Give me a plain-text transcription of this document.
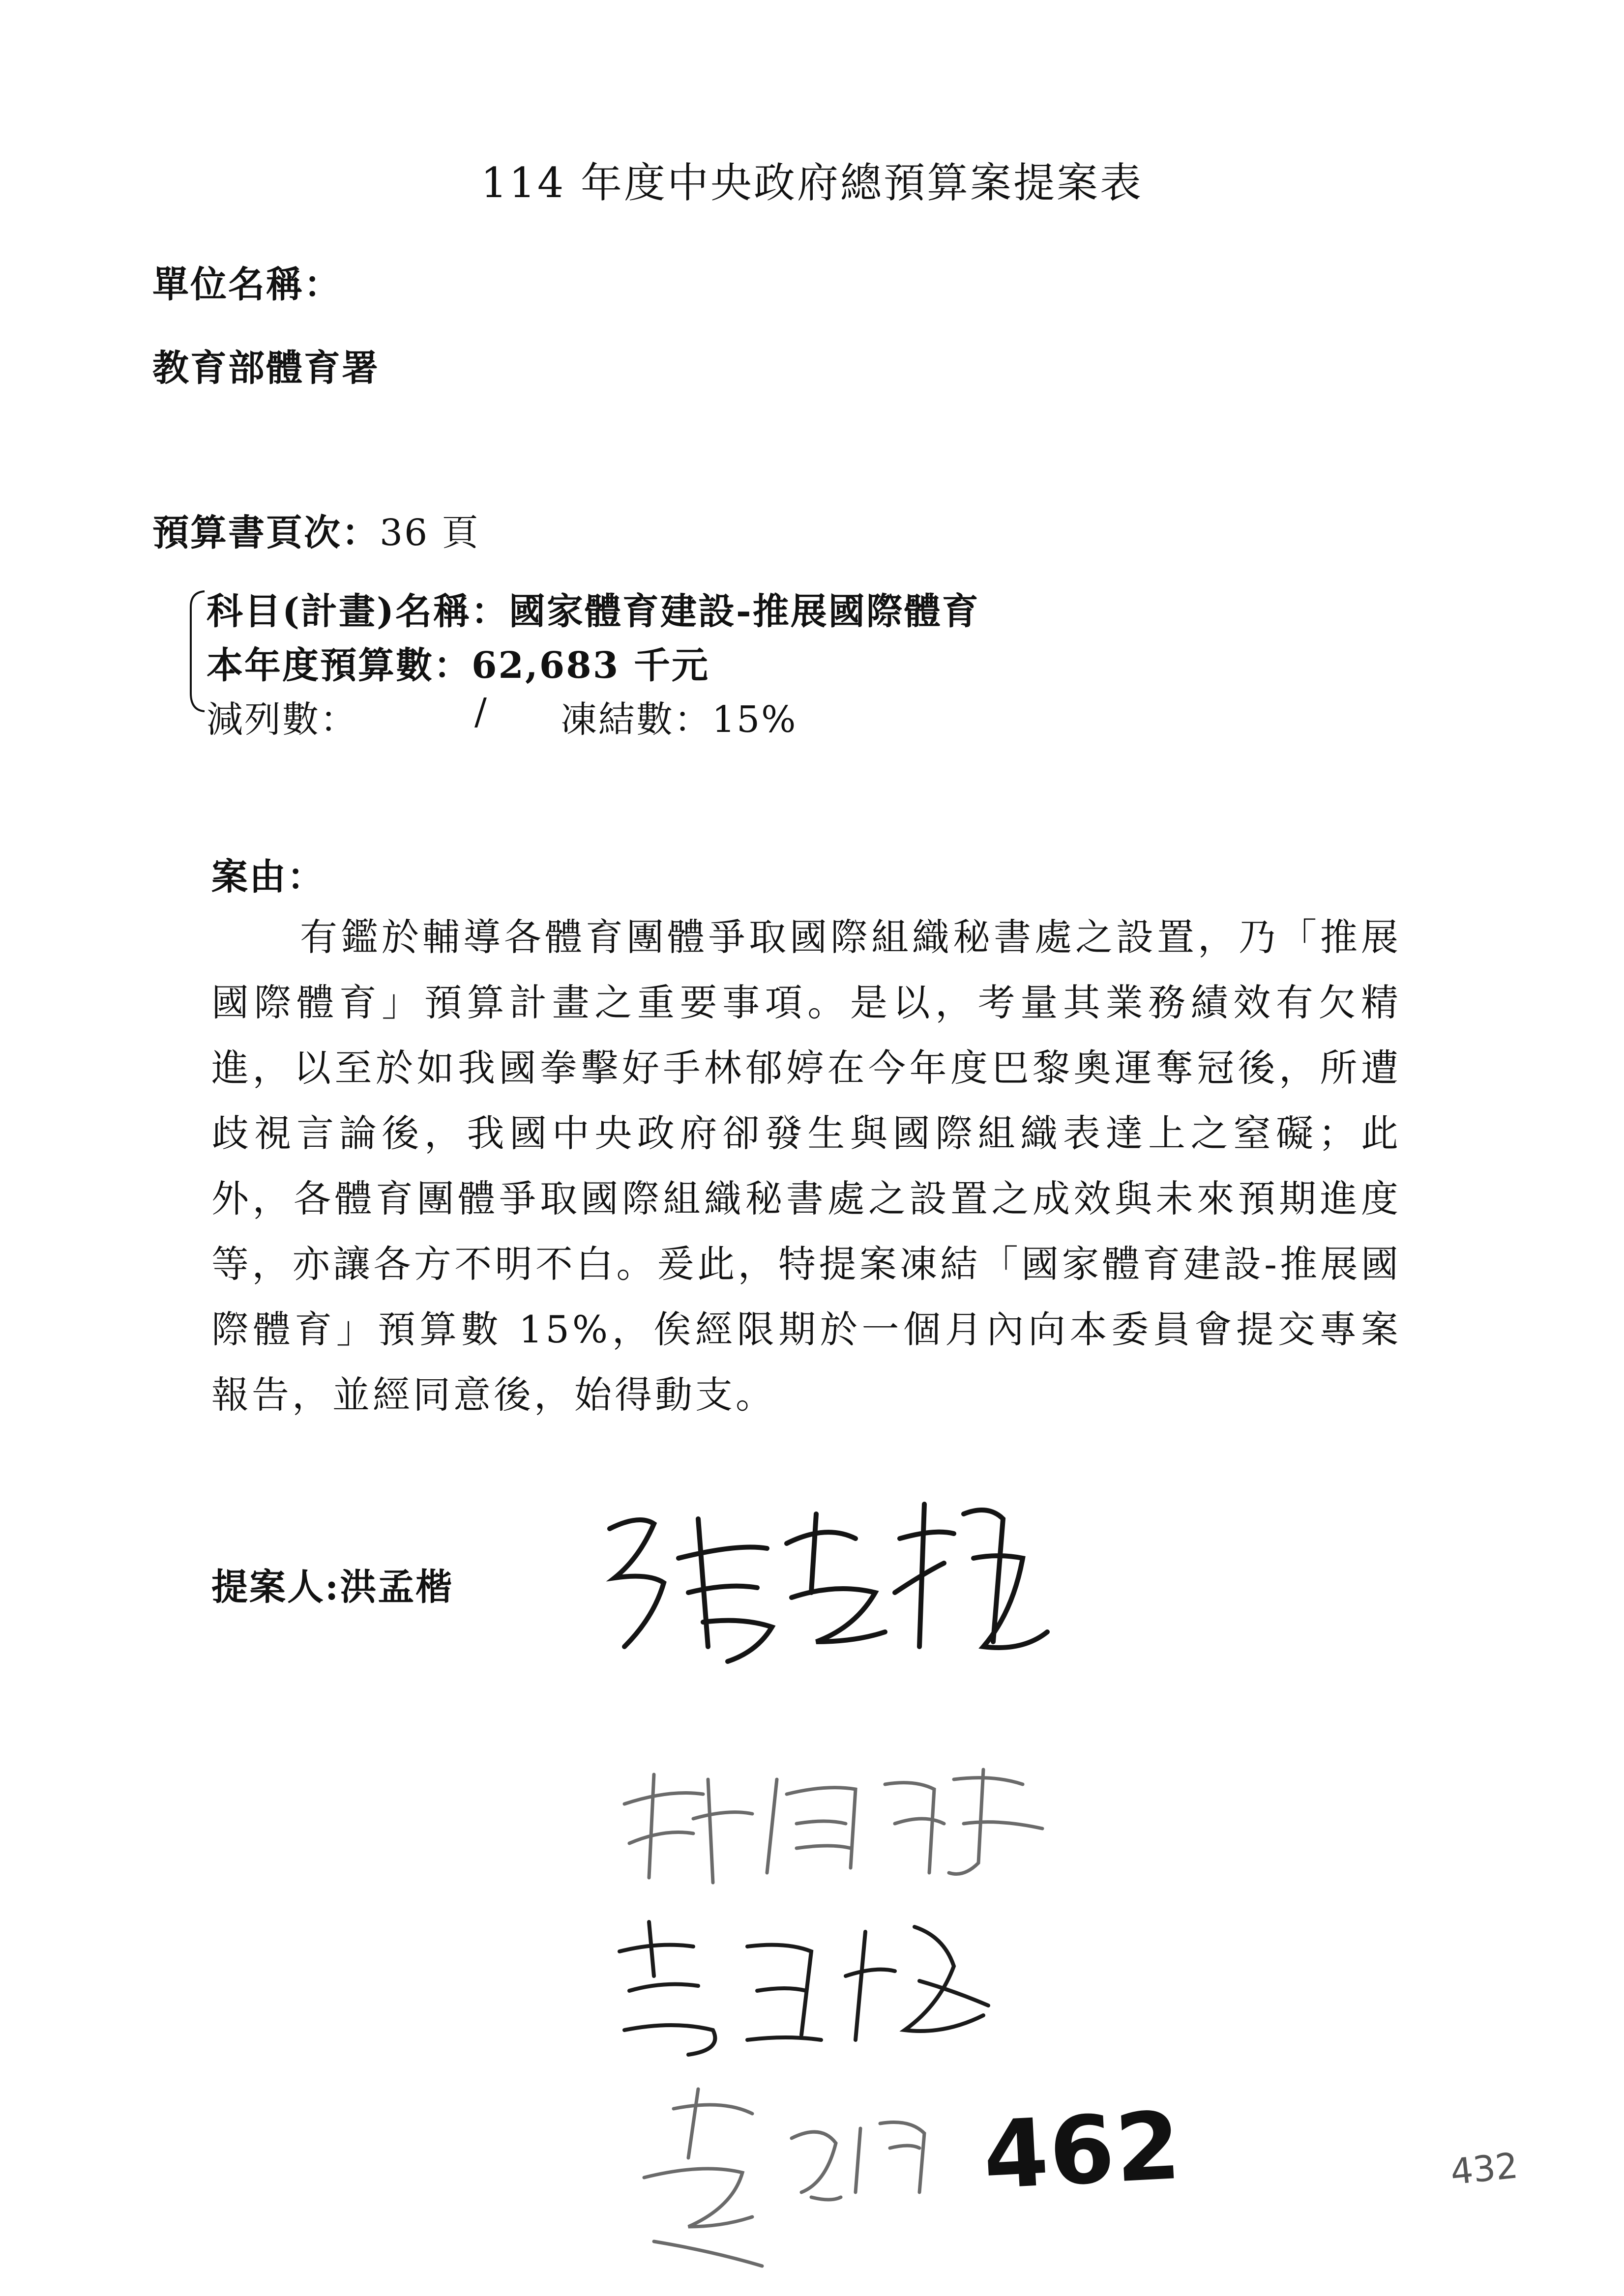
114 年度中央政府總預算案提案表
單位名稱：
教育部體育署
預算書頁次：36 頁
科目(計畫)名稱：國家體育建設-推展國際體育
本年度預算數：62,683 千元
減列數：	/ 凍結數：15%
案由：

有鑑於輔導各體育團體爭取國際組織秘書處之設置，乃「推展國際體育」預算計畫之重要事項。是以，考量其業務績效有欠精進，以至於如我國拳擊好手林郁婷在今年度巴黎奧運奪冠後，所遭歧視言論後，我國中央政府卻發生與國際組織表達上之窒礙；此外，各體育團體爭取國際組織秘書處之設置之成效與未來預期進度等，亦讓各方不明不白。爰此，特提案凍結「國家體育建設-推展國際體育」預算數 15%，俟經限期於一個月內向本委員會提交專案報告，並經同意後，始得動支。

提案人:洪孟楷
462	432
